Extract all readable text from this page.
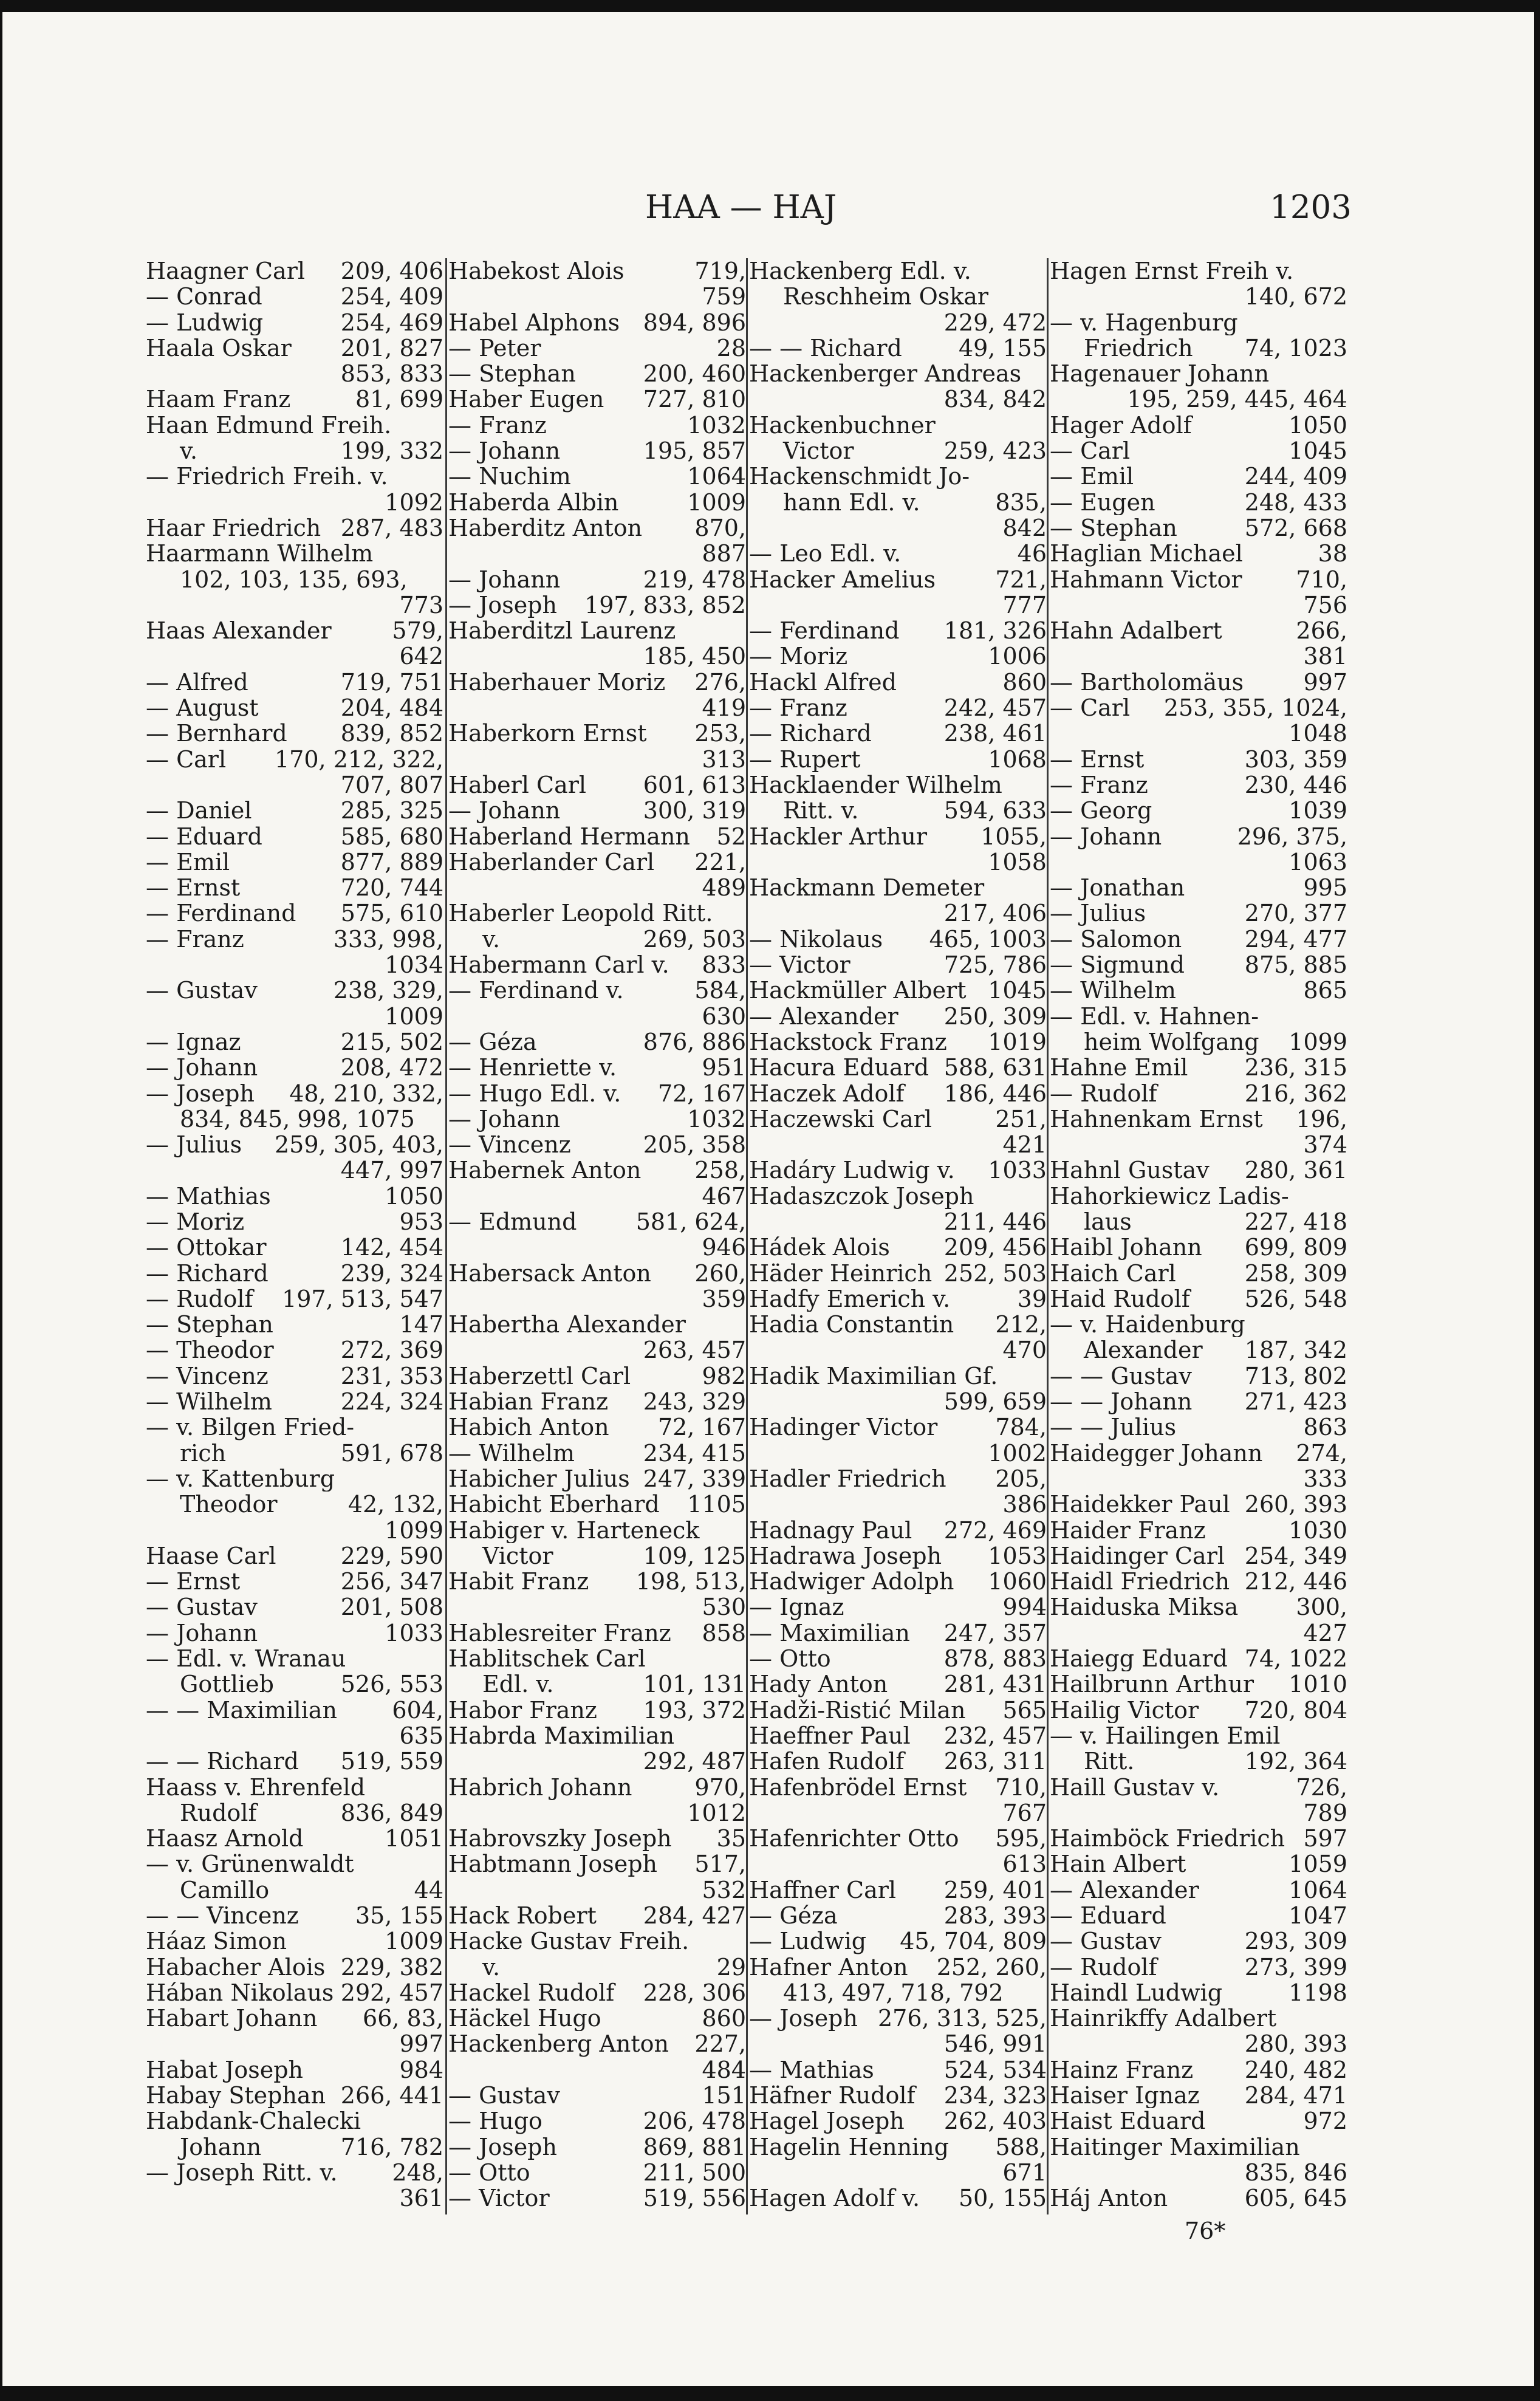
HAA — HAJ	1203
Haagner Carl 209, 406
— Conrad	254, 409
— Ludwig	254, 469
Haala Oskar 201, 827
853, 833
Haam Franz	81, 699
Haan Edmund Freih.
v.	199, 332
— Friedrich Freih. v.
1092
Haar Friedrich 287, 483
Haarmann Wilhelm
102, 103, 135, 693,
773
Haas Alexander	579,
642
— Alfred	719, 751
— August	204, 484
— Bernhard 839, 852
— Carl 170, 212, 322,
707, 807
— Daniel	285, 325
— Eduard	585, 680
— Emil	877, 889
— Ernst	720, 744
— Ferdinand 575, 610
— Franz	333, 998,
1034
— Gustav	238, 329,
1009
— Ignaz	215, 502
— Johann	208, 472
— Joseph 48, 210, 332,
834, 845, 998, 1075
— Julius 259, 305, 403,
447, 997
— Mathias	1050
— Moriz	953
— Ottokar	142, 454
— Richard	239, 324
— Rudolf 197, 513, 547
— Stephan	147
— Theodor	272, 369
— Vincenz	231, 353
— Wilhelm	224, 324
— v. Bilgen Fried-
rich	591, 678
— v. Kattenburg
Theodor	42, 132,
1099
Haase Carl	229, 590
— Ernst	256, 347
— Gustav	201, 508
— Johann	1033
— Edl. v. Wranau
Gottlieb	526, 553
— — Maximilian 604,
635
— — Richard 519, 559
Haass v. Ehrenfeld
Rudolf	836, 849
Haasz Arnold	1051
— v. Grünenwaldt
Camillo	44
— — Vincenz 35, 155
Háaz Simon	1009
Habacher Alois 229, 382
Hában Nikolaus 292, 457
Habart Johann 66, 83,
997
Habat Joseph	984
Habay Stephan 266, 441
Habdank-Chalecki
Johann	716, 782
— Joseph Ritt. v. 248,
361
Habekost Alois	719,
759
Habel Alphons 894, 896
— Peter	28
— Stephan	200, 460
Haber Eugen 727, 810
— Franz	1032
— Johann	195, 857
— Nuchim	1064
Haberda Albin	1009
Haberditz Anton 870,
887
— Johann	219, 478
— Joseph 197, 833, 852
Haberditzl Laurenz
185, 450
Haberhauer Moriz 276,
419
Haberkorn Ernst 253,
313
Haberl Carl 601, 613
— Johann	300, 319
Haberland Hermann 52
Haberlander Carl 221,
489
Haberler Leopold Ritt.
v.	269, 503
Habermann Carl v. 833
— Ferdinand v.	584,
630
— Géza	876, 886
— Henriette v.	951
— Hugo Edl. v. 72, 167
— Johann	1032
— Vincenz	205, 358
Habernek Anton 258,
467
— Edmund	581, 624,
946
Habersack Anton 260,
359
Habertha Alexander
263, 457
Haberzettl Carl	982
Habian Franz 243, 329
Habich Anton 72, 167
— Wilhelm	234, 415
Habicher Julius 247, 339
Habicht Eberhard 1105
Habiger v. Harteneck
Victor	109, 125
Habit Franz 198, 513,
530
Hablesreiter Franz 858
Hablitschek Carl
Edl. v.	101, 131
Habor Franz 193, 372
Habrda Maximilian
292, 487
Habrich Johann	970,
1012
Habrovszky Joseph 35
Habtmann Joseph 517,
532
Hack Robert 284, 427
Hacke Gustav Freih.
v.	29
Hackel Rudolf 228, 306
Häckel Hugo	860
Hackenberg Anton 227,
484
— Gustav	151
— Hugo	206, 478
— Joseph	869, 881
— Otto	211, 500
— Victor	519, 556
Hackenberg Edl. v.
Reschheim Oskar
229, 472
— — Richard 49, 155
Hackenberger Andreas
834, 842
Hackenbuchner
Victor	259, 423
Hackenschmidt Jo-
hann Edl. v.	835,
842
— Leo Edl. v.	46
Hacker Amelius	721,
777
— Ferdinand 181, 326
— Moriz	1006
Hackl Alfred	860
— Franz	242, 457
— Richard	238, 461
— Rupert	1068
Hacklaender Wilhelm
Ritt. v.	594, 633
Hackler Arthur 1055,
1058
Hackmann Demeter
217, 406
— Nikolaus 465, 1003
— Victor	725, 786
Hackmüller Albert 1045
— Alexander 250, 309
Hackstock Franz 1019
Hacura Eduard 588, 631
Haczek Adolf 186, 446
Haczewski Carl	251,
421
Hadáry Ludwig v. 1033
Hadaszczok Joseph
211, 446
Hádek Alois 209, 456
Häder Heinrich 252, 503
Hadfy Emerich v.	39
Hadia Constantin 212,
470
Hadik Maximilian Gf.
599, 659
Hadinger Victor	784,
1002
Hadler Friedrich 205,
386
Hadnagy Paul 272, 469
Hadrawa Joseph 1053
Hadwiger Adolph 1060
— Ignaz	994
— Maximilian 247, 357
— Otto	878, 883
Hady Anton 281, 431
Hadži-Ristić Milan 565
Haeffner Paul 232, 457
Hafen Rudolf 263, 311
Hafenbrödel Ernst 710,
767
Hafenrichter Otto 595,
613
Haffner Carl 259, 401
— Géza	283, 393
— Ludwig 45, 704, 809
Hafner Anton 252, 260,
413, 497, 718, 792
— Joseph 276, 313, 525,
546, 991
— Mathias	524, 534
Häfner Rudolf 234, 323
Hagel Joseph 262, 403
Hagelin Henning 588,
671
Hagen Adolf v. 50, 155
Hagen Ernst Freih v.
140, 672
— v. Hagenburg
Friedrich 74, 1023
Hagenauer Johann
195, 259, 445, 464
Hager Adolf	1050
— Carl	1045
— Emil	244, 409
— Eugen	248, 433
— Stephan	572, 668
Haglian Michael	38
Hahmann Victor 710,
756
Hahn Adalbert	266,
381
— Bartholomäus	997
— Carl 253, 355, 1024,
1048
— Ernst	303, 359
— Franz	230, 446
— Georg	1039
— Johann	296, 375,
1063
— Jonathan	995
— Julius	270, 377
— Salomon	294, 477
— Sigmund	875, 885
— Wilhelm	865
— Edl. v. Hahnen-
heim Wolfgang 1099
Hahne Emil 236, 315
— Rudolf	216, 362
Hahnenkam Ernst 196,
374
Hahnl Gustav 280, 361
Hahorkiewicz Ladis-
laus	227, 418
Haibl Johann 699, 809
Haich Carl	258, 309
Haid Rudolf 526, 548
— v. Haidenburg
Alexander 187, 342
— — Gustav 713, 802
— — Johann 271, 423
— — Julius	863
Haidegger Johann 274,
333
Haidekker Paul 260, 393
Haider Franz	1030
Haidinger Carl 254, 349
Haidl Friedrich 212, 446
Haiduska Miksa	300,
427
Haiegg Eduard 74, 1022
Hailbrunn Arthur 1010
Hailig Victor 720, 804
— v. Hailingen Emil
Ritt.	192, 364
Haill Gustav v.	726,
789
Haimböck Friedrich 597
Hain Albert	1059
— Alexander	1064
— Eduard	1047
— Gustav	293, 309
— Rudolf	273, 399
Haindl Ludwig	1198
Hainrikffy Adalbert
280, 393
Hainz Franz 240, 482
Haiser Ignaz 284, 471
Haist Eduard	972
Haitinger Maximilian
835, 846
Háj Anton	605, 645
76*
